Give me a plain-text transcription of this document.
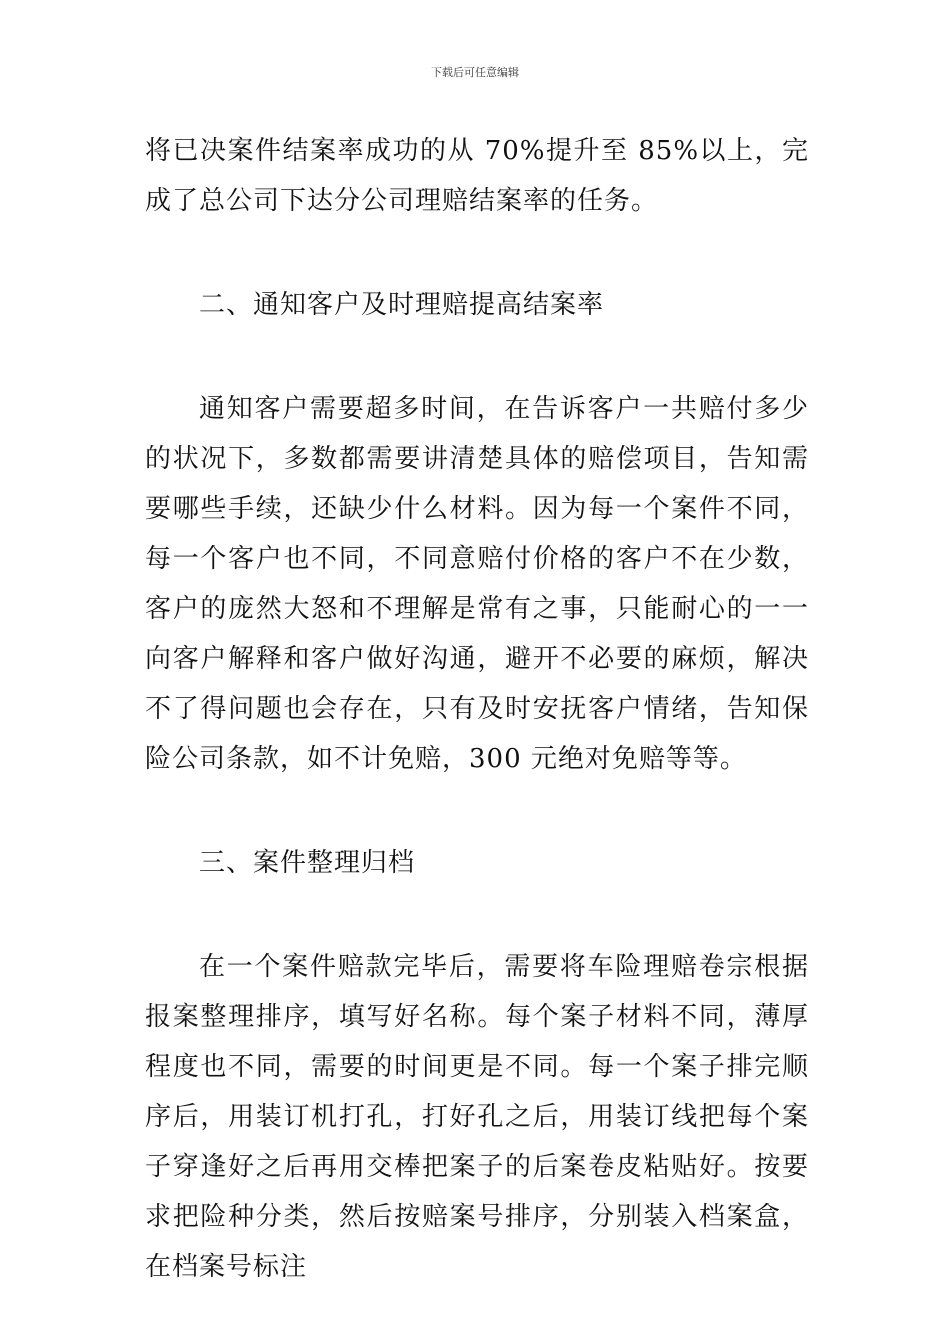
下载后可任意编辑

将已决案件结案率成功的从 70%提升至 85%以上，完成了总公司下达分公司理赔结案率的任务。

二、通知客户及时理赔提高结案率

通知客户需要超多时间，在告诉客户一共赔付多少的状况下，多数都需要讲清楚具体的赔偿项目，告知需要哪些手续，还缺少什么材料。因为每一个案件不同，每一个客户也不同，不同意赔付价格的客户不在少数，客户的庞然大怒和不理解是常有之事，只能耐心的一一向客户解释和客户做好沟通，避开不必要的麻烦，解决不了得问题也会存在，只有及时安抚客户情绪，告知保险公司条款，如不计免赔，300 元绝对免赔等等。

三、案件整理归档

在一个案件赔款完毕后，需要将车险理赔卷宗根据报案整理排序，填写好名称。每个案子材料不同，薄厚程度也不同，需要的时间更是不同。每一个案子排完顺序后，用装订机打孔，打好孔之后，用装订线把每个案子穿逢好之后再用交棒把案子的后案卷皮粘贴好。按要求把险种分类，然后按赔案号排序，分别装入档案盒，在档案号标注
